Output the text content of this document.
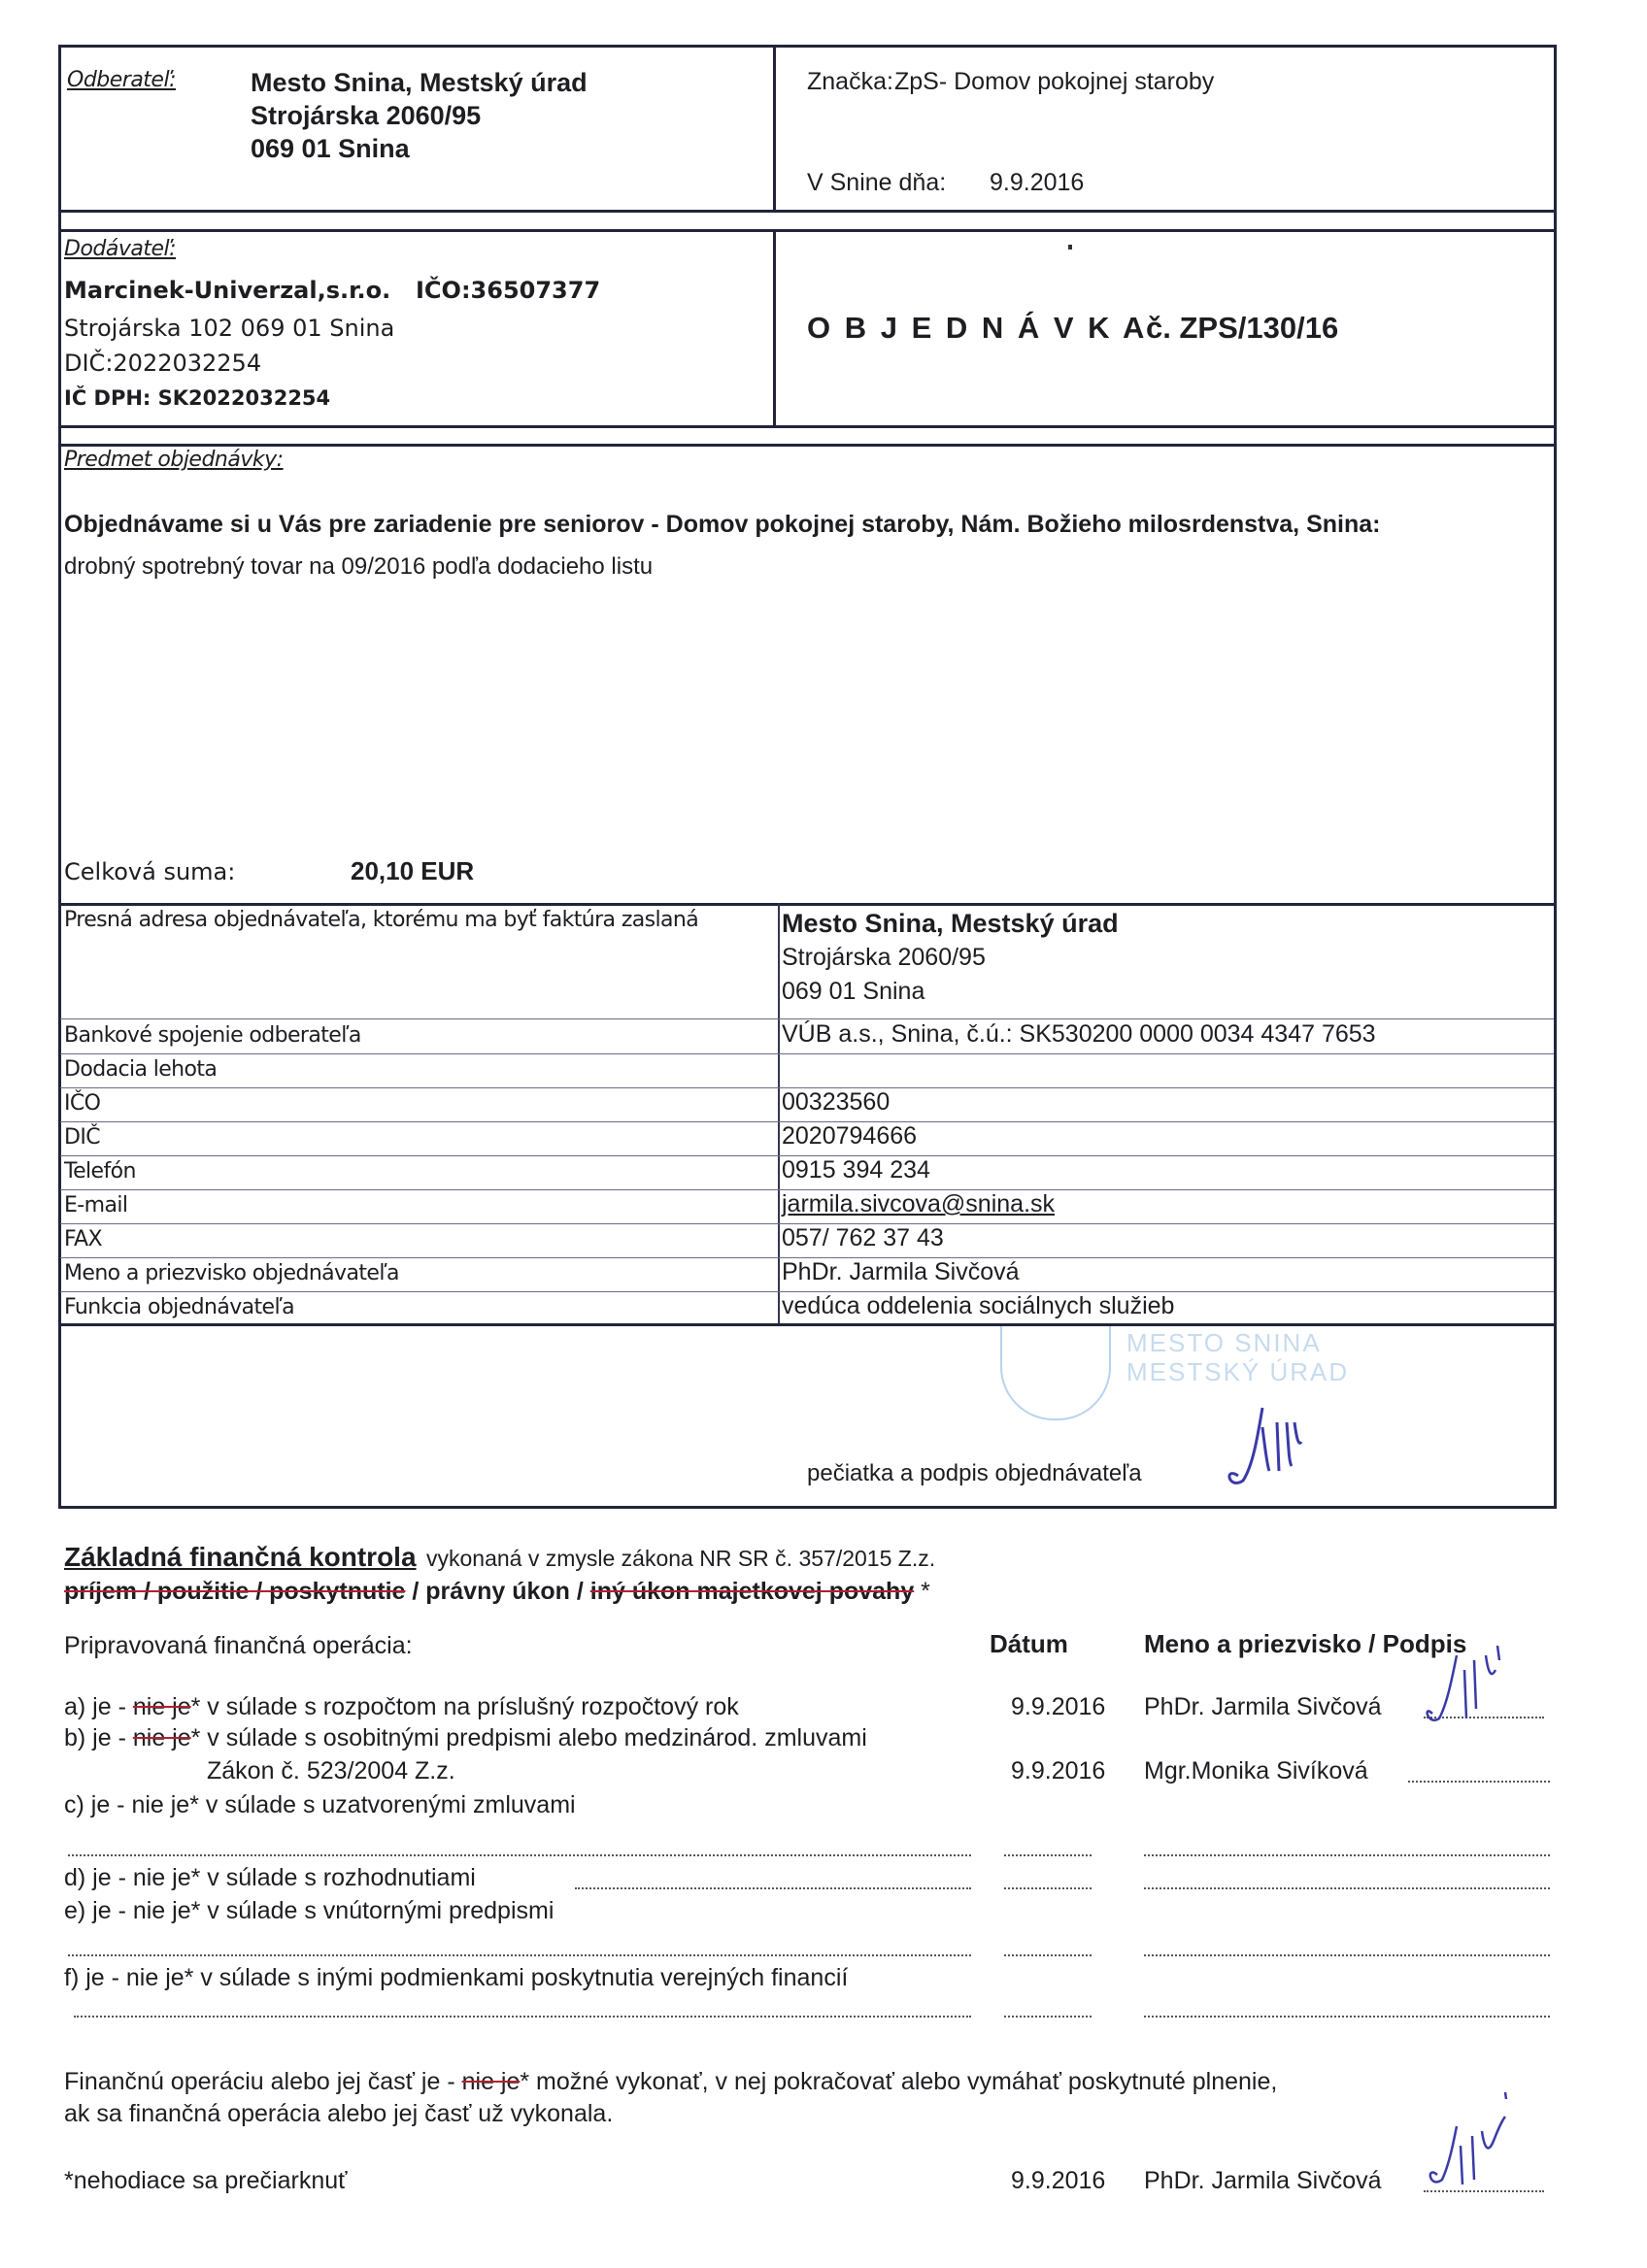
Odberateľ:	Mesto Snina, Mestský úrad
Strojárska 2060/95
069 01 Snina
Značka: ZpS- Domov pokojnej staroby
V Snine dňa: 9.9.2016
Dodávateľ:
Marcinek-Univerzal,s.r.o. IČO:36507377
Strojárska 102 069 01 Snina
DIČ:2022032254
IČ DPH: SK2022032254
O B J E D N Á V K A
č. ZPS/130/16
Predmet objednávky:
Objednávame si u Vás pre zariadenie pre seniorov - Domov pokojnej staroby, Nám. Božieho milosrdenstva, Snina:
drobný spotrebný tovar na 09/2016 podľa dodacieho listu
Celková suma:	20,10 EUR
Presná adresa objednávateľa, ktorému ma byť faktúra zaslaná	Mesto Snina, Mestský úrad
Strojárska 2060/95
069 01 Snina
Bankové spojenie odberateľa	VÚB a.s., Snina, č.ú.: SK530200 0000 0034 4347 7653
Dodacia lehota
IČO	00323560
DIČ	2020794666
Telefón	0915 394 234
E-mail	jarmila.sivcova@snina.sk
FAX	057/ 762 37 43
Meno a priezvisko objednávateľa	PhDr. Jarmila Sivčová
Funkcia objednávateľa	vedúca oddelenia sociálnych služieb
MESTO SNINA
MESTSKÝ ÚRAD
pečiatka a podpis objednávateľa
Základná finančná kontrola vykonaná v zmysle zákona NR SR č. 357/2015 Z.z.
príjem / použitie / poskytnutie / právny úkon / iný úkon majetkovej povahy *
Pripravovaná finančná operácia:	Dátum	Meno a priezvisko / Podpis
a) je - nie je* v súlade s rozpočtom na príslušný rozpočtový rok	9.9.2016 PhDr. Jarmila Sivčová
b) je - nie je* v súlade s osobitnými predpismi alebo medzinárod. zmluvami
Zákon č. 523/2004 Z.z.	9.9.2016 Mgr.Monika Sivíková
c) je - nie je* v súlade s uzatvorenými zmluvami
d) je - nie je* v súlade s rozhodnutiami
e) je - nie je* v súlade s vnútornými predpismi
f) je - nie je* v súlade s inými podmienkami poskytnutia verejných financií
Finančnú operáciu alebo jej časť je - nie je* možné vykonať, v nej pokračovať alebo vymáhať poskytnuté plnenie,
ak sa finančná operácia alebo jej časť už vykonala.
*nehodiace sa prečiarknuť	9.9.2016 PhDr. Jarmila Sivčová
